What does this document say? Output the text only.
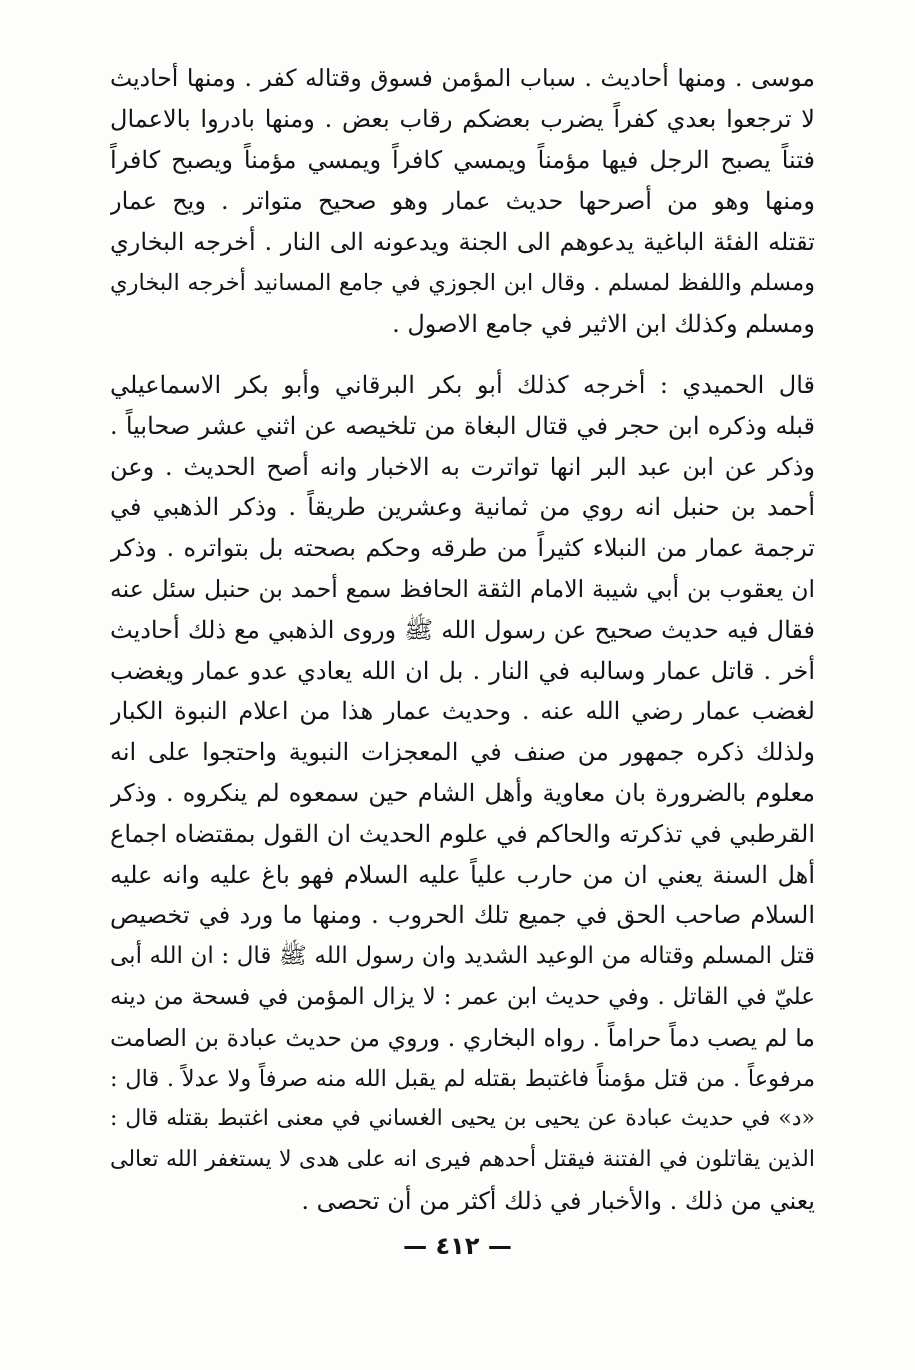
موسى . ومنها أحاديث . سباب المؤمن فسوق وقتاله كفر . ومنها أحاديث
لا ترجعوا بعدي كفراً يضرب بعضكم رقاب بعض . ومنها بادروا بالاعمال
فتناً يصبح الرجل فيها مؤمناً ويمسي كافراً ويمسي مؤمناً ويصبح كافراً
ومنها وهو من أصرحها حديث عمار وهو صحيح متواتر . ويح عمار
تقتله الفئة الباغية يدعوهم الى الجنة ويدعونه الى النار . أخرجه البخاري
ومسلم واللفظ لمسلم . وقال ابن الجوزي في جامع المسانيد أخرجه البخاري
ومسلم وكذلك ابن الاثير في جامع الاصول .
قال الحميدي : أخرجه كذلك أبو بكر البرقاني وأبو بكر الاسماعيلي
قبله وذكره ابن حجر في قتال البغاة من تلخيصه عن اثني عشر صحابياً .
وذكر عن ابن عبد البر انها تواترت به الاخبار وانه أصح الحديث . وعن
أحمد بن حنبل انه روي من ثمانية وعشرين طريقاً . وذكر الذهبي في
ترجمة عمار من النبلاء كثيراً من طرقه وحكم بصحته بل بتواتره . وذكر
ان يعقوب بن أبي شيبة الامام الثقة الحافظ سمع أحمد بن حنبل سئل عنه
فقال فيه حديث صحيح عن رسول الله ﷺ وروى الذهبي مع ذلك أحاديث
أخر . قاتل عمار وسالبه في النار . بل ان الله يعادي عدو عمار ويغضب
لغضب عمار رضي الله عنه . وحديث عمار هذا من اعلام النبوة الكبار
ولذلك ذكره جمهور من صنف في المعجزات النبوية واحتجوا على انه
معلوم بالضرورة بان معاوية وأهل الشام حين سمعوه لم ينكروه . وذكر
القرطبي في تذكرته والحاكم في علوم الحديث ان القول بمقتضاه اجماع
أهل السنة يعني ان من حارب علياً عليه السلام فهو باغ عليه وانه عليه
السلام صاحب الحق في جميع تلك الحروب . ومنها ما ورد في تخصيص
قتل المسلم وقتاله من الوعيد الشديد وان رسول الله ﷺ قال : ان الله أبى
عليّ في القاتل . وفي حديث ابن عمر : لا يزال المؤمن في فسحة من دينه
ما لم يصب دماً حراماً . رواه البخاري . وروي من حديث عبادة بن الصامت
مرفوعاً . من قتل مؤمناً فاغتبط بقتله لم يقبل الله منه صرفاً ولا عدلاً . قال :
«د» في حديث عبادة عن يحيى بن يحيى الغساني في معنى اغتبط بقتله قال :
الذين يقاتلون في الفتنة فيقتل أحدهم فيرى انه على هدى لا يستغفر الله تعالى
يعني من ذلك . والأخبار في ذلك أكثر من أن تحصى .
— ٤١٢ —
